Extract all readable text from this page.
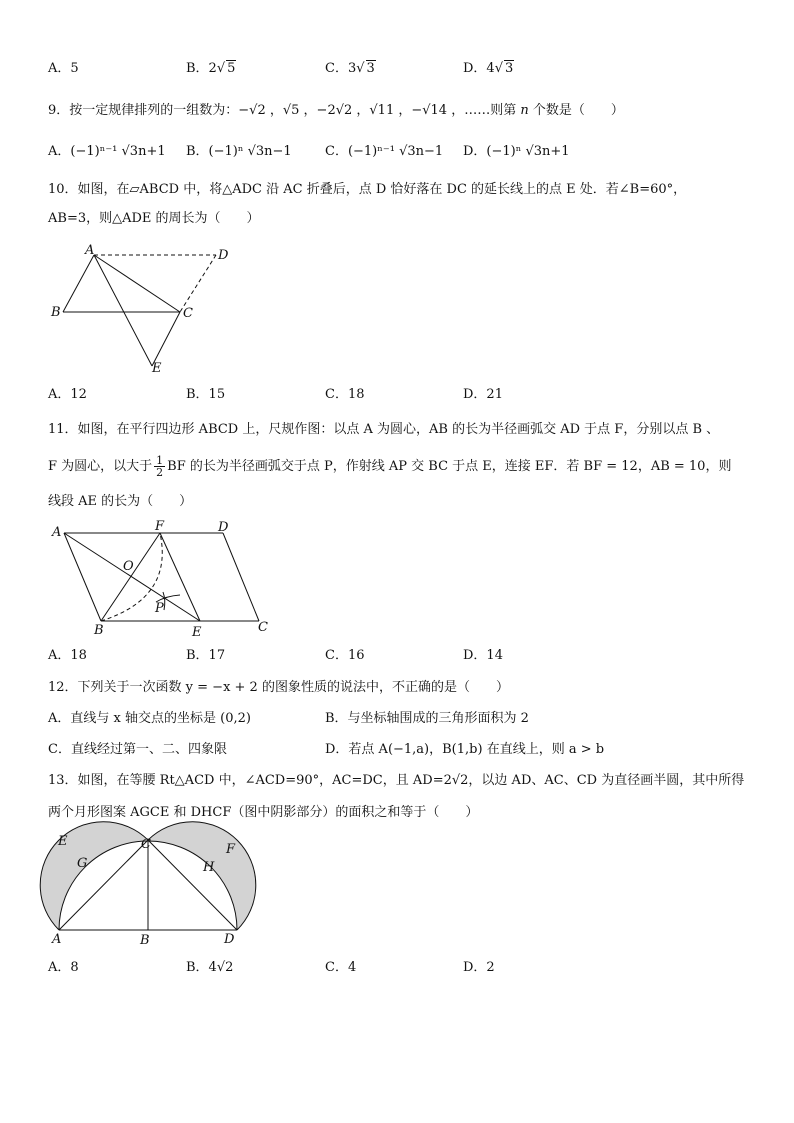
A．5	B．2 √ 5	C．3 √ 3	D．4 √ 3
9．按一定规律排列的一组数为：−√2 ，√5 ，−2√2 ，√11 ，−√14 ，……则第 n 个数是（　　）
A．(−1)ⁿ⁻¹ √3n+1 B．(−1)ⁿ √3n−1	C．(−1)ⁿ⁻¹ √3n−1 D．(−1)ⁿ √3n+1
10．如图，在▱ABCD 中，将△ADC 沿 AC 折叠后，点 D 恰好落在 DC 的延长线上的点 E 处．若∠B=60°，
AB=3，则△ADE 的周长为（　　）
A	D
B	C
E
A．12	B．15	C．18	D．21
11．如图，在平行四边形 ABCD 上，尺规作图：以点 A 为圆心，AB 的长为半径画弧交 AD 于点 F，分别以点 B 、
F 为圆心，以大于 $\frac{1}{2}$ BF 的长为半径画弧交于点 P，作射线 AP 交 BC 于点 E，连接 EF．若 BF = 12，AB = 10，则
线段 AE 的长为（　　）
A	F	D
O
P
B	E	C
A．18	B．17	C．16	D．14
12．下列关于一次函数 y = −x + 2 的图象性质的说法中，不正确的是（　　）
A．直线与 x 轴交点的坐标是 (0,2)	B．与坐标轴围成的三角形面积为 2
C．直线经过第一、二、四象限	D．若点 A(−1,a)，B(1,b) 在直线上，则 a > b
13．如图，在等腰 Rt△ACD 中，∠ACD=90°，AC=DC，且 AD=2√2，以边 AD、AC、CD 为直径画半圆，其中所得
两个月形图案 AGCE 和 DHCF（图中阴影部分）的面积之和等于（　　）
E
G
C
H
F
A	B	D
A．8	B．4√2	C．4	D．2
